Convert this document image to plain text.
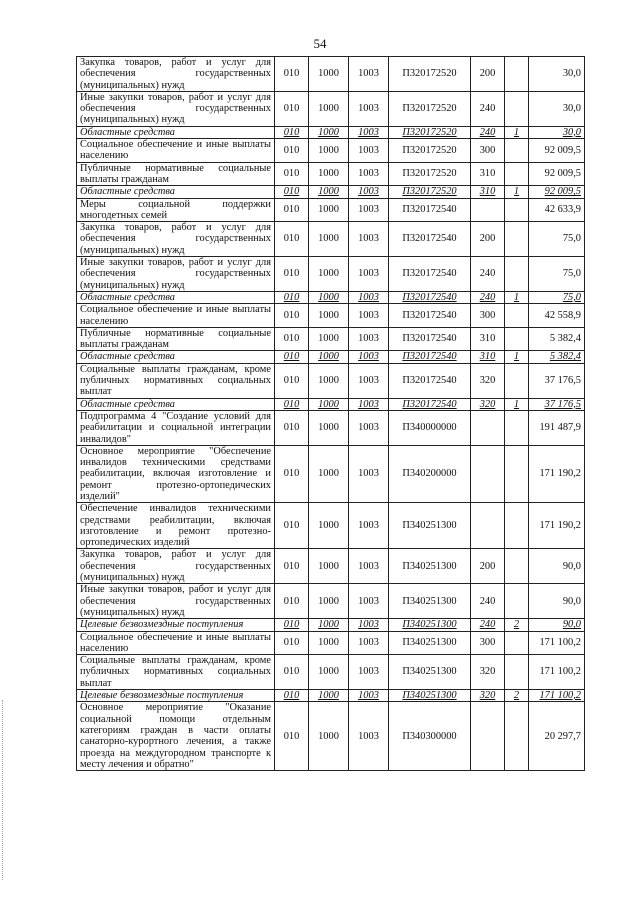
54
Закупка товаров, работ и услуг для обеспечения государственных (муниципальных) нужд	010	1000	1003	П320172520	200		30,0
Иные закупки товаров, работ и услуг для обеспечения государственных (муниципальных) нужд	010	1000	1003	П320172520	240		30,0
Областные средства	010	1000	1003	П320172520	240	1	30,0
Социальное обеспечение и иные выплаты населению	010	1000	1003	П320172520	300		92 009,5
Публичные нормативные социальные выплаты гражданам	010	1000	1003	П320172520	310		92 009,5
Областные средства	010	1000	1003	П320172520	310	1	92 009,5
Меры социальной поддержки многодетных семей	010	1000	1003	П320172540			42 633,9
Закупка товаров, работ и услуг для обеспечения государственных (муниципальных) нужд	010	1000	1003	П320172540	200		75,0
Иные закупки товаров, работ и услуг для обеспечения государственных (муниципальных) нужд	010	1000	1003	П320172540	240		75,0
Областные средства	010	1000	1003	П320172540	240	1	75,0
Социальное обеспечение и иные выплаты населению	010	1000	1003	П320172540	300		42 558,9
Публичные нормативные социальные выплаты гражданам	010	1000	1003	П320172540	310		5 382,4
Областные средства	010	1000	1003	П320172540	310	1	5 382,4
Социальные выплаты гражданам, кроме публичных нормативных социальных выплат	010	1000	1003	П320172540	320		37 176,5
Областные средства	010	1000	1003	П320172540	320	1	37 176,5
Подпрограмма 4 "Создание условий для реабилитации и социальной интеграции инвалидов"	010	1000	1003	П340000000			191 487,9
Основное мероприятие "Обеспечение инвалидов техническими средствами реабилитации, включая изготовление и ремонт протезно-ортопедических изделий"	010	1000	1003	П340200000			171 190,2
Обеспечение инвалидов техническими средствами реабилитации, включая изготовление и ремонт протезно-ортопедических изделий	010	1000	1003	П340251300			171 190,2
Закупка товаров, работ и услуг для обеспечения государственных (муниципальных) нужд	010	1000	1003	П340251300	200		90,0
Иные закупки товаров, работ и услуг для обеспечения государственных (муниципальных) нужд	010	1000	1003	П340251300	240		90,0
Целевые безвозмездные поступления	010	1000	1003	П340251300	240	2	90,0
Социальное обеспечение и иные выплаты населению	010	1000	1003	П340251300	300		171 100,2
Социальные выплаты гражданам, кроме публичных нормативных социальных выплат	010	1000	1003	П340251300	320		171 100,2
Целевые безвозмездные поступления	010	1000	1003	П340251300	320	2	171 100,2
Основное мероприятие "Оказание социальной помощи отдельным категориям граждан в части оплаты санаторно-курортного лечения, а также проезда на междугородном транспорте к месту лечения и обратно"	010	1000	1003	П340300000			20 297,7
